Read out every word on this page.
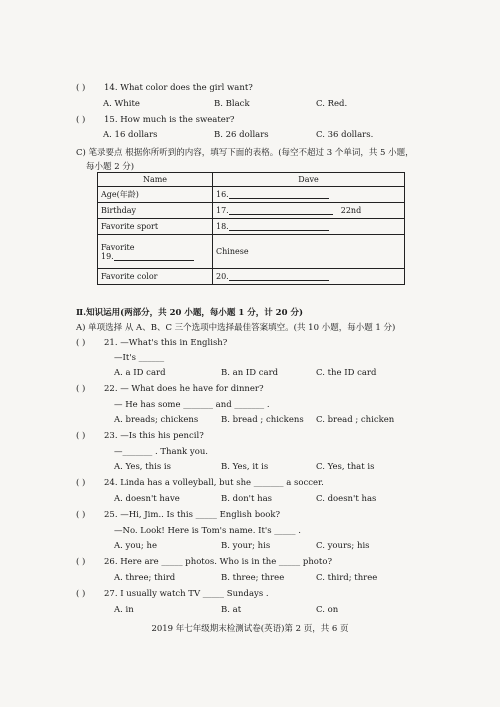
( ) 14. What color does the girl want?
A. White	B. Black	C. Red.
( ) 15. How much is the sweater?
A. 16 dollars	B. 26 dollars	C. 36 dollars.
C) 笔录要点 根据你所听到的内容，填写下面的表格。(每空不超过 3 个单词，共 5 小题，
每小题 2 分)
Name	Dave
Age(年龄)	16.
Birthday	17. 22nd
Favorite sport	18.

Favorite
19.	Chinese
Favorite color	20.
Ⅱ.知识运用(两部分，共 20 小题，每小题 1 分，计 20 分)
A) 单项选择 从 A、B、C 三个选项中选择最佳答案填空。(共 10 小题，每小题 1 分)
( ) 21. —What's this in English?
—It's ______
A. a ID card	B. an ID card	C. the ID card
( ) 22. — What does he have for dinner?
— He has some _______ and _______ .
A. breads; chickens	B. bread ; chickens C. bread ; chicken
( ) 23. —Is this his pencil?
—_______ . Thank you.
A. Yes, this is	B. Yes, it is	C. Yes, that is
( ) 24. Linda has a volleyball, but she _______ a soccer.
A. doesn't have	B. don't has	C. doesn't has
( ) 25. —Hi, Jim.. Is this _____ English book?
—No. Look! Here is Tom's name. It's _____ .
A. you; he	B. your; his	C. yours; his
( ) 26. Here are _____ photos. Who is in the _____ photo?
A. three; third	B. three; three	C. third; three
( ) 27. I usually watch TV _____ Sundays .
A. in	B. at	C. on
2019 年七年级期末检测试卷(英语)第 2 页，共 6 页
